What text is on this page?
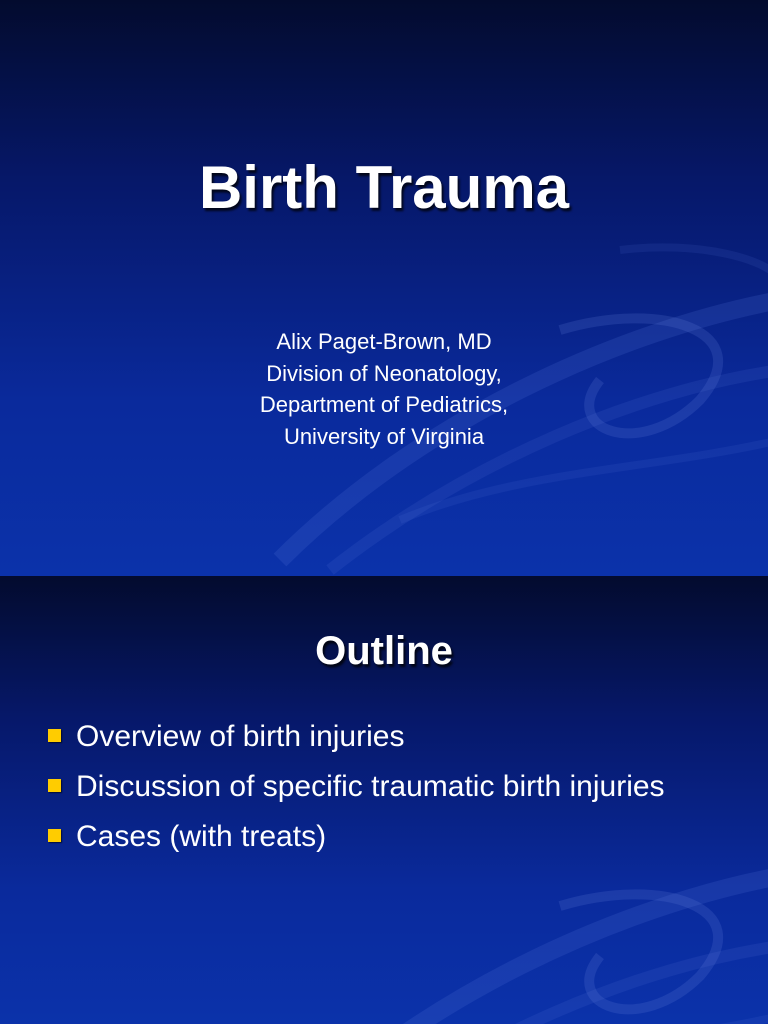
Birth Trauma
Alix Paget-Brown, MD
Division of Neonatology,
Department of Pediatrics,
University of Virginia
Outline
Overview of birth injuries
Discussion of specific traumatic birth injuries
Cases (with treats)
